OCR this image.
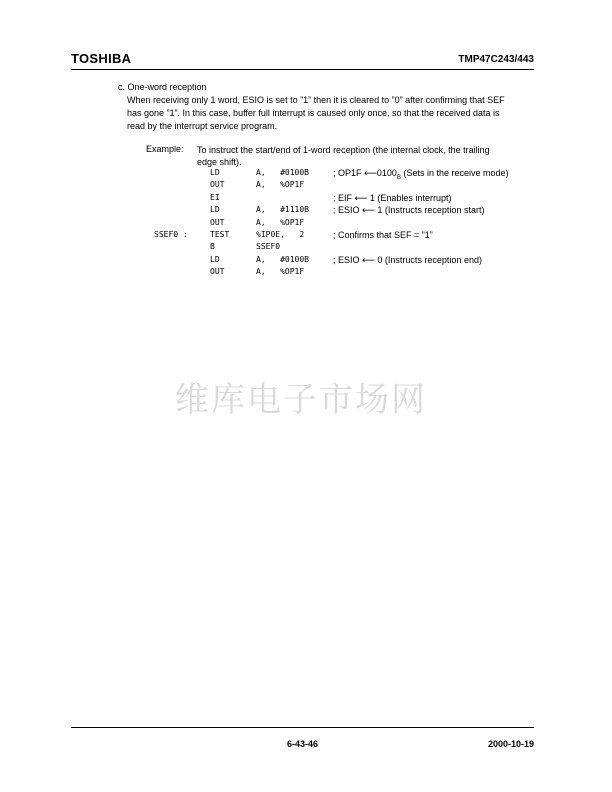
TOSHIBA	TMP47C243/443
c. One-word reception
When receiving only 1 word, ESIO is set to ”1” then it is cleared to ”0” after confirming that SEF
has gone ”1”. In this case, buffer full interrupt is caused only once, so that the received data is
read by the interrupt service program.
Example: To instruct the start/end of 1-word reception (the internal clock, the trailing
edge shift).
LD	A,   #0100B	; OP1F $⟵0100_B$ (Sets in the receive mode)
OUT	A,   %OP1F
EI	; EIF ⟵ 1 (Enables interrupt)
LD	A,   #1110B	; ESIO ⟵ 1 (Instructs reception start)
OUT	A,   %OP1F
SSEF0 :	TEST	%IP0E,   2	; Confirms that SEF = ”1”
B	SSEF0
LD	A,   #0100B	; ESIO ⟵ 0 (Instructs reception end)
OUT	A,   %OP1F
维库电子市场网
6-43-46	2000-10-19
